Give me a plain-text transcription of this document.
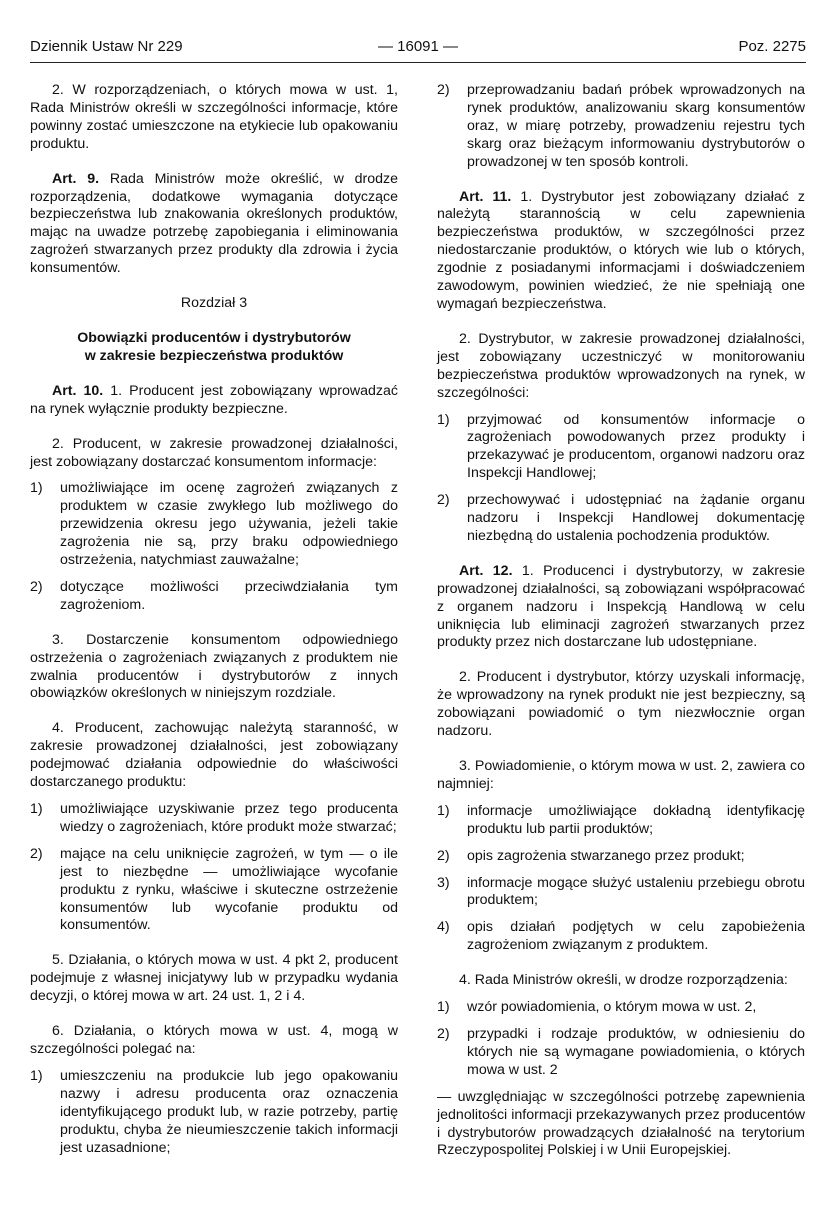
Dziennik Ustaw Nr 229	— 16091 —	Poz. 2275

2. W rozporządzeniach, o których mowa w ust. 1, Rada Ministrów określi w szczególności informacje, które powinny zostać umieszczone na etykiecie lub opakowaniu produktu.

Art. 9. Rada Ministrów może określić, w drodze rozporządzenia, dodatkowe wymagania dotyczące bezpieczeństwa lub znakowania określonych produktów, mając na uwadze potrzebę zapobiegania i eliminowania zagrożeń stwarzanych przez produkty dla zdrowia i życia konsumentów.

Rozdział 3
Obowiązki producentów i dystrybutorów
w zakresie bezpieczeństwa produktów

Art. 10. 1. Producent jest zobowiązany wprowadzać na rynek wyłącznie produkty bezpieczne.

2. Producent, w zakresie prowadzonej działalności, jest zobowiązany dostarczać konsumentom informacje:

1) umożliwiające im ocenę zagrożeń związanych z produktem w czasie zwykłego lub możliwego do przewidzenia okresu jego używania, jeżeli takie zagrożenia nie są, przy braku odpowiedniego ostrzeżenia, natychmiast zauważalne;
2) dotyczące możliwości przeciwdziałania tym zagrożeniom.

3. Dostarczenie konsumentom odpowiedniego ostrzeżenia o zagrożeniach związanych z produktem nie zwalnia producentów i dystrybutorów z innych obowiązków określonych w niniejszym rozdziale.

4. Producent, zachowując należytą staranność, w zakresie prowadzonej działalności, jest zobowiązany podejmować działania odpowiednie do właściwości dostarczanego produktu:

1) umożliwiające uzyskiwanie przez tego producenta wiedzy o zagrożeniach, które produkt może stwarzać;
2) mające na celu uniknięcie zagrożeń, w tym — o ile jest to niezbędne — umożliwiające wycofanie produktu z rynku, właściwe i skuteczne ostrzeżenie konsumentów lub wycofanie produktu od konsumentów.

5. Działania, o których mowa w ust. 4 pkt 2, producent podejmuje z własnej inicjatywy lub w przypadku wydania decyzji, o której mowa w art. 24 ust. 1, 2 i 4.

6. Działania, o których mowa w ust. 4, mogą w szczególności polegać na:

1) umieszczeniu na produkcie lub jego opakowaniu nazwy i adresu producenta oraz oznaczenia identyfikującego produkt lub, w razie potrzeby, partię produktu, chyba że nieumieszczenie takich informacji jest uzasadnione;
2) przeprowadzaniu badań próbek wprowadzonych na rynek produktów, analizowaniu skarg konsumentów oraz, w miarę potrzeby, prowadzeniu rejestru tych skarg oraz bieżącym informowaniu dystrybutorów o prowadzonej w ten sposób kontroli.

Art. 11. 1. Dystrybutor jest zobowiązany działać z należytą starannością w celu zapewnienia bezpieczeństwa produktów, w szczególności przez niedostarczanie produktów, o których wie lub o których, zgodnie z posiadanymi informacjami i doświadczeniem zawodowym, powinien wiedzieć, że nie spełniają one wymagań bezpieczeństwa.

2. Dystrybutor, w zakresie prowadzonej działalności, jest zobowiązany uczestniczyć w monitorowaniu bezpieczeństwa produktów wprowadzonych na rynek, w szczególności:

1) przyjmować od konsumentów informacje o zagrożeniach powodowanych przez produkty i przekazywać je producentom, organowi nadzoru oraz Inspekcji Handlowej;
2) przechowywać i udostępniać na żądanie organu nadzoru i Inspekcji Handlowej dokumentację niezbędną do ustalenia pochodzenia produktów.

Art. 12. 1. Producenci i dystrybutorzy, w zakresie prowadzonej działalności, są zobowiązani współpracować z organem nadzoru i Inspekcją Handlową w celu uniknięcia lub eliminacji zagrożeń stwarzanych przez produkty przez nich dostarczane lub udostępniane.

2. Producent i dystrybutor, którzy uzyskali informację, że wprowadzony na rynek produkt nie jest bezpieczny, są zobowiązani powiadomić o tym niezwłocznie organ nadzoru.

3. Powiadomienie, o którym mowa w ust. 2, zawiera co najmniej:

1) informacje umożliwiające dokładną identyfikację produktu lub partii produktów;
2) opis zagrożenia stwarzanego przez produkt;
3) informacje mogące służyć ustaleniu przebiegu obrotu produktem;
4) opis działań podjętych w celu zapobieżenia zagrożeniom związanym z produktem.

4. Rada Ministrów określi, w drodze rozporządzenia:

1) wzór powiadomienia, o którym mowa w ust. 2,
2) przypadki i rodzaje produktów, w odniesieniu do których nie są wymagane powiadomienia, o których mowa w ust. 2

— uwzględniając w szczególności potrzebę zapewnienia jednolitości informacji przekazywanych przez producentów i dystrybutorów prowadzących działalność na terytorium Rzeczypospolitej Polskiej i w Unii Europejskiej.
